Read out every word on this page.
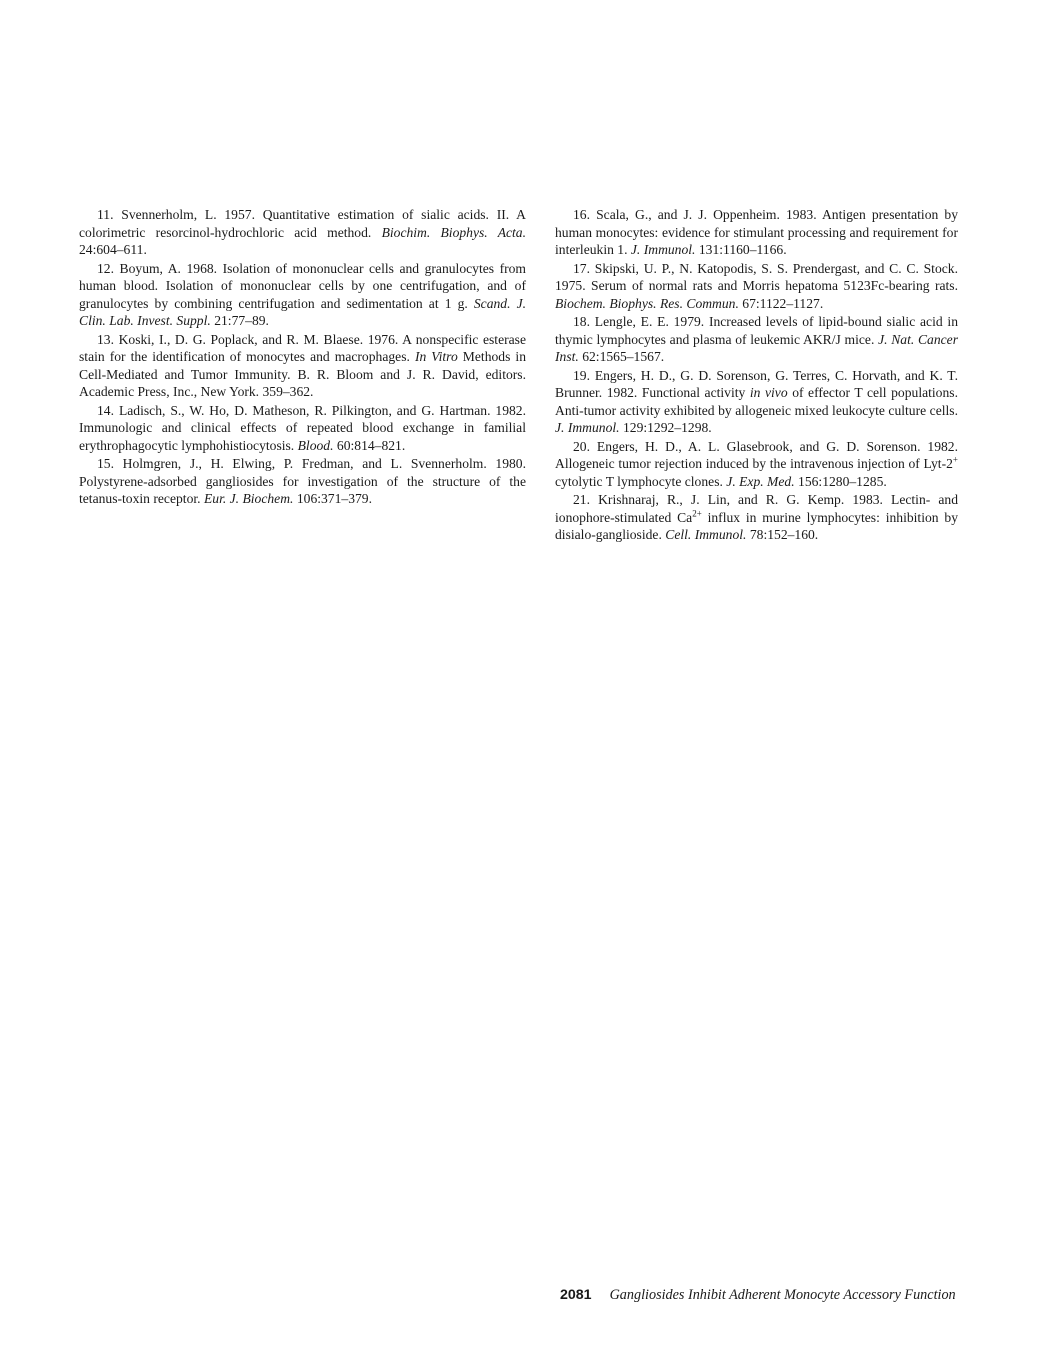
11. Svennerholm, L. 1957. Quantitative estimation of sialic acids. II. A colorimetric resorcinol-hydrochloric acid method. Biochim. Biophys. Acta. 24:604–611.

12. Boyum, A. 1968. Isolation of mononuclear cells and granulocytes from human blood. Isolation of mononuclear cells by one centrifugation, and of granulocytes by combining centrifugation and sedimentation at 1 g. Scand. J. Clin. Lab. Invest. Suppl. 21:77–89.

13. Koski, I., D. G. Poplack, and R. M. Blaese. 1976. A nonspecific esterase stain for the identification of monocytes and macrophages. In Vitro Methods in Cell-Mediated and Tumor Immunity. B. R. Bloom and J. R. David, editors. Academic Press, Inc., New York. 359–362.

14. Ladisch, S., W. Ho, D. Matheson, R. Pilkington, and G. Hartman. 1982. Immunologic and clinical effects of repeated blood exchange in familial erythrophagocytic lymphohistiocytosis. Blood. 60:814–821.

15. Holmgren, J., H. Elwing, P. Fredman, and L. Svennerholm. 1980. Polystyrene-adsorbed gangliosides for investigation of the structure of the tetanus-toxin receptor. Eur. J. Biochem. 106:371–379.

16. Scala, G., and J. J. Oppenheim. 1983. Antigen presentation by human monocytes: evidence for stimulant processing and requirement for interleukin 1. J. Immunol. 131:1160–1166.

17. Skipski, U. P., N. Katopodis, S. S. Prendergast, and C. C. Stock. 1975. Serum of normal rats and Morris hepatoma 5123Fc-bearing rats. Biochem. Biophys. Res. Commun. 67:1122–1127.

18. Lengle, E. E. 1979. Increased levels of lipid-bound sialic acid in thymic lymphocytes and plasma of leukemic AKR/J mice. J. Nat. Cancer Inst. 62:1565–1567.

19. Engers, H. D., G. D. Sorenson, G. Terres, C. Horvath, and K. T. Brunner. 1982. Functional activity in vivo of effector T cell populations. Anti-tumor activity exhibited by allogeneic mixed leukocyte culture cells. J. Immunol. 129:1292–1298.

20. Engers, H. D., A. L. Glasebrook, and G. D. Sorenson. 1982. Allogeneic tumor rejection induced by the intravenous injection of Lyt-2+ cytolytic T lymphocyte clones. J. Exp. Med. 156:1280–1285.

21. Krishnaraj, R., J. Lin, and R. G. Kemp. 1983. Lectin- and ionophore-stimulated $Ca^{2+}$ influx in murine lymphocytes: inhibition by disialo-ganglioside. Cell. Immunol. 78:152–160.

2081 Gangliosides Inhibit Adherent Monocyte Accessory Function
